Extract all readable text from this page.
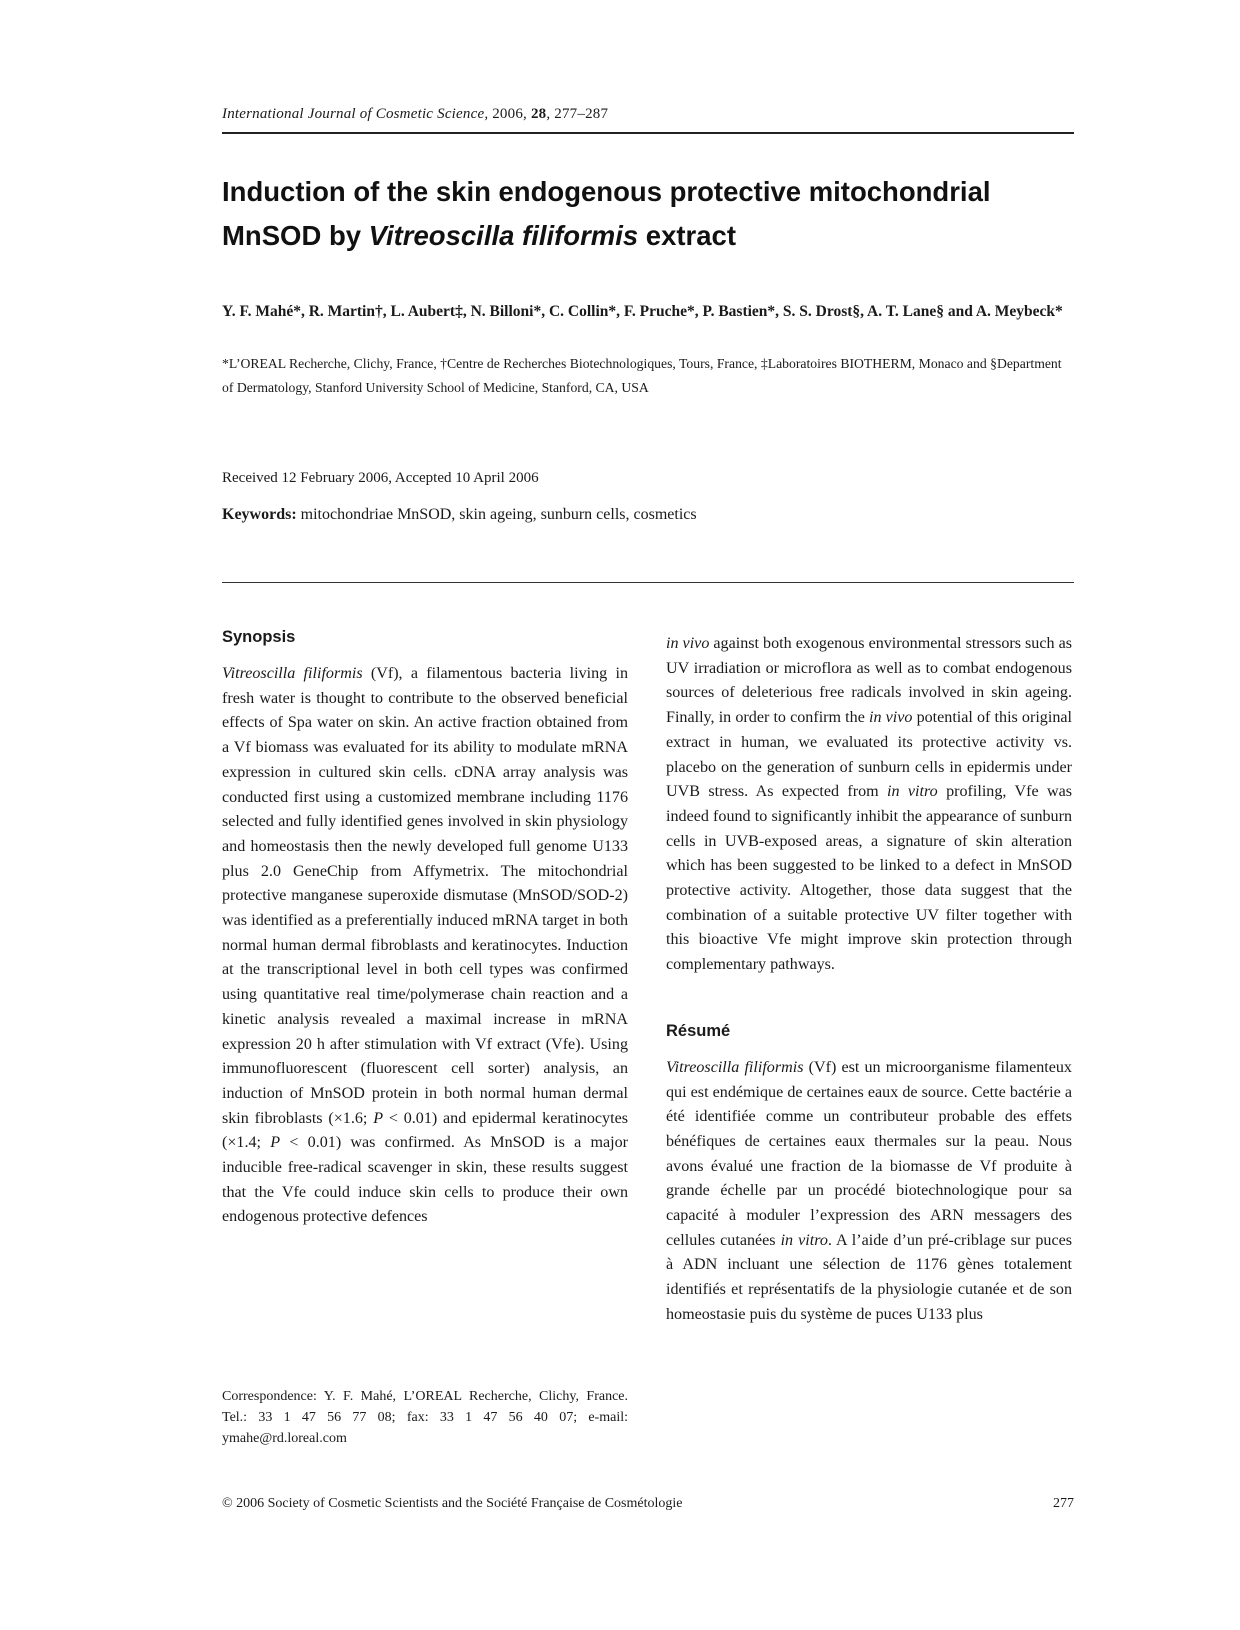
International Journal of Cosmetic Science, 2006, 28, 277–287
Induction of the skin endogenous protective mitochondrial MnSOD by Vitreoscilla filiformis extract

Y. F. Mahé*, R. Martin†, L. Aubert‡, N. Billoni*, C. Collin*, F. Pruche*, P. Bastien*, S. S. Drost§, A. T. Lane§ and A. Meybeck*

*L’OREAL Recherche, Clichy, France, †Centre de Recherches Biotechnologiques, Tours, France, ‡Laboratoires BIOTHERM, Monaco and §Department of Dermatology, Stanford University School of Medicine, Stanford, CA, USA

Received 12 February 2006, Accepted 10 April 2006

Keywords: mitochondriae MnSOD, skin ageing, sunburn cells, cosmetics

Synopsis

Vitreoscilla filiformis (Vf), a filamentous bacteria living in fresh water is thought to contribute to the observed beneficial effects of Spa water on skin. An active fraction obtained from a Vf biomass was evaluated for its ability to modulate mRNA expression in cultured skin cells. cDNA array analysis was conducted first using a customized membrane including 1176 selected and fully identified genes involved in skin physiology and homeostasis then the newly developed full genome U133 plus 2.0 GeneChip from Affymetrix. The mitochondrial protective manganese superoxide dismutase (MnSOD/SOD-2) was identified as a preferentially induced mRNA target in both normal human dermal fibroblasts and keratinocytes. Induction at the transcriptional level in both cell types was confirmed using quantitative real time/polymerase chain reaction and a kinetic analysis revealed a maximal increase in mRNA expression 20 h after stimulation with Vf extract (Vfe). Using immunofluorescent (fluorescent cell sorter) analysis, an induction of MnSOD protein in both normal human dermal skin fibroblasts (×1.6; P < 0.01) and epidermal keratinocytes (×1.4; P < 0.01) was confirmed. As MnSOD is a major inducible free-radical scavenger in skin, these results suggest that the Vfe could induce skin cells to produce their own endogenous protective defences

in vivo against both exogenous environmental stressors such as UV irradiation or microflora as well as to combat endogenous sources of deleterious free radicals involved in skin ageing. Finally, in order to confirm the in vivo potential of this original extract in human, we evaluated its protective activity vs. placebo on the generation of sunburn cells in epidermis under UVB stress. As expected from in vitro profiling, Vfe was indeed found to significantly inhibit the appearance of sunburn cells in UVB-exposed areas, a signature of skin alteration which has been suggested to be linked to a defect in MnSOD protective activity. Altogether, those data suggest that the combination of a suitable protective UV filter together with this bioactive Vfe might improve skin protection through complementary pathways.

Résumé

Vitreoscilla filiformis (Vf) est un microorganisme filamenteux qui est endémique de certaines eaux de source. Cette bactérie a été identifiée comme un contributeur probable des effets bénéfiques de certaines eaux thermales sur la peau. Nous avons évalué une fraction de la biomasse de Vf produite à grande échelle par un procédé biotechnologique pour sa capacité à moduler l’expression des ARN messagers des cellules cutanées in vitro. A l’aide d’un pré-criblage sur puces à ADN incluant une sélection de 1176 gènes totalement identifiés et représentatifs de la physiologie cutanée et de son homeostasie puis du système de puces U133 plus

Correspondence: Y. F. Mahé, L’OREAL Recherche, Clichy, France. Tel.: 33 1 47 56 77 08; fax: 33 1 47 56 40 07; e-mail: ymahe@rd.loreal.com

© 2006 Society of Cosmetic Scientists and the Société Française de Cosmétologie	277
